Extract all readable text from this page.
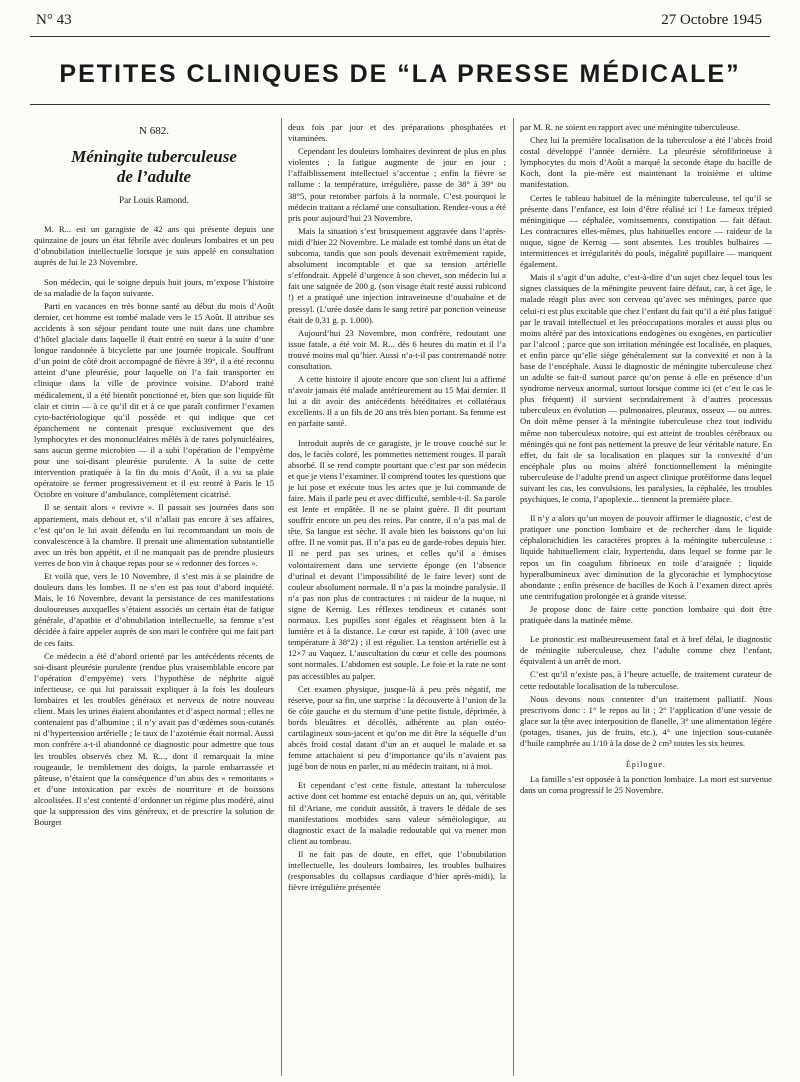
N° 43	27 Octobre 1945
PETITES CLINIQUES DE “LA PRESSE MÉDICALE”
N 682.
Méningite tuberculeuse
de l’adulte
Par Louis Ramond.

M. R... est un garagiste de 42 ans qui présente depuis une quinzaine de jours un état fébrile avec douleurs lombaires et un peu d’obnubilation intellectuelle lorsque je suis appelé en consultation auprès de lui le 23 Novembre.

Son médecin, qui le soigne depuis huit jours, m’expose l’histoire de sa maladie de la façon suivante.

Parti en vacances en très bonne santé au début du mois d’Août dernier, cet homme est tombé malade vers le 15 Août. Il attribue ses accidents à son séjour pendant toute une nuit dans une chambre d’hôtel glaciale dans laquelle il était entré en sueur à la suite d’une longue randonnée à bicyclette par une journée tropicale. Souffrant d’un point de côté droit accompagné de fièvre à 39°, il a été reconnu atteint d’une pleurésie, pour laquelle on l’a fait transporter en clinique dans la ville de province voisine. D’abord traité médicalement, il a été bientôt ponctionné et, bien que son liquide fût clair et citrin — à ce qu’il dit et à ce que paraît confirmer l’examen cyto-bactériologique qu’il possède et qui indique que cet épanchement ne contenait presque exclusivement que des lymphocytes et des mononucléaires mêlés à de rares polynucléaires, sans aucun germe microbien — il a subi l’opération de l’empyème pour une soi-disant pleurésie purulente. A la suite de cette intervention pratiquée à la fin du mois d’Août, il a vu sa plaie opératoire se fermer progressivement et il est rentré à Paris le 15 Octobre en voiture d’ambulance, complètement cicatrisé.

Il se sentait alors « revivre ». Il passait ses journées dans son appartement, mais debout et, s’il n’allait pas encore à ses affaires, c’est qu’on le lui avait défendu en lui recommandant un mois de convalescence à la chambre. Il prenait une alimentation substantielle avec un très bon appétit, et il ne manquait pas de prendre plusieurs verres de bon vin à chaque repas pour se « redonner des forces ».

Et voilà que, vers le 10 Novembre, il s’est mis à se plaindre de douleurs dans les lombes. Il ne s’en est pas tout d’abord inquiété. Mais, le 16 Novembre, devant la persistance de ces manifestations douloureuses auxquelles s’étaient associés un certain état de fatigue générale, d’apathie et d’obnubilation intellectuelle, sa femme s’est décidée à faire appeler auprès de son mari le confrère qui me fait part de ces faits.

Ce médecin a été d’abord orienté par les antécédents récents de soi-disant pleurésie purulente (rendue plus vraisemblable encore par l’opération d’empyème) vers l’hypothèse de néphrite aiguë infectieuse, ce qui lui paraissait expliquer à la fois les douleurs lombaires et les troubles généraux et nerveux de notre nouveau client. Mais les urines étaient abondantes et d’aspect normal ; elles ne contenaient pas d’albumine ; il n’y avait pas d’œdèmes sous-cutanés ni d’hypertension artérielle ; le taux de l’azotémie était normal. Aussi mon confrère a-t-il abandonné ce diagnostic pour admettre que tous les troubles observés chez M. R..., dont il remarquait la mine rougeaude, le tremblement des doigts, la parole embarrassée et pâteuse, n’étaient que la conséquence d’un abus des « remontants » et d’une intoxication par excès de nourriture et de boissons alcoolisées. Il s’est contenté d’ordonner un régime plus modéré, ainsi que la suppression des vins généreux, et de prescrire la solution de Bourget

deux fois par jour et des préparations phosphatées et vitaminées.

Cependant les douleurs lombaires devinrent de plus en plus violentes ; la fatigue augmente de jour en jour ; l’affaiblissement intellectuel s’accentue ; enfin la fièvre se rallume : la température, irrégulière, passe de 38° à 39° ou 38°5, pour retomber parfois à la normale. C’est pourquoi le médecin traitant a réclamé une consultation. Rendez-vous a été pris pour aujourd’hui 23 Novembre.

Mais la situation s’est brusquement aggravée dans l’après-midi d’hier 22 Novembre. Le malade est tombé dans un état de subcoma, tandis que son pouls devenait extrêmement rapide, absolument incomptable et que sa tension artérielle s’effondrait. Appelé d’urgence à son chevet, son médecin lui a fait une saignée de 200 g. (son visage était resté aussi rubicond !) et a pratiqué une injection intraveineuse d’ouabaïne et de pressyl. (L’urée dosée dans le sang retiré par ponction veineuse était de 0,31 g. p. 1.000).

Aujourd’hui 23 Novembre, mon confrère, redoutant une issue fatale, a été voir M. R... dès 6 heures du matin et il l’a trouvé moins mal qu’hier. Aussi n’a-t-il pas contremandé notre consultation.

A cette histoire il ajoute encore que son client lui a affirmé n’avoir jamais été malade antérieurement au 15 Mai dernier. Il lui a dit avoir des antécédents héréditaires et collatéraux excellents. Il a un fils de 20 ans très bien portant. Sa femme est en parfaite santé.

Introduit auprès de ce garagiste, je le trouve couché sur le dos, le faciès coloré, les pommettes nettement rouges. Il paraît absorbé. Il se rend compte pourtant que c’est par son médecin et que je viens l’examiner. Il comprend toutes les questions que je lui pose et exécute tous les actes que je lui commande de faire. Mais il parle peu et avec difficulté, semble-t-il. Sa parole est lente et empâtée. Il ne se plaint guère. Il dit pourtant souffrir encore un peu des reins. Par contre, il n’a pas mal de tête. Sa langue est sèche. Il avale bien les boissons qu’on lui offre. Il ne vomit pas. Il n’a pas eu de garde-robes depuis hier. Il ne perd pas ses urines, et celles qu’il a émises volontairement dans une serviette éponge (en l’absence d’urinal et devant l’impossibilité de le faire lever) sont de couleur absolument normale. Il n’a pas la moindre paralysie. Il n’a pas non plus de contractures : ni raideur de la nuque, ni signe de Kernig. Les réflexes tendineux et cutanés sont normaux. Les pupilles sont égales et réagissent bien à la lumière et à la distance. Le cœur est rapide, à 100 (avec une température à 38°2) ; il est régulier. La tension artérielle est à 12×7 au Vaquez. L’auscultation du cœur et celle des poumons sont normales. L’abdomen est souple. Le foie et la rate ne sont pas accessibles au palper.

Cet examen physique, jusque-là à peu près négatif, me réserve, pour sa fin, une surprise : la découverte à l’union de la 6e côte gauche et du sternum d’une petite fistule, déprimée, à bords bleuâtres et décollés, adhérente au plan ostéo-cartilagineux sous-jacent et qu’on me dit être la séquelle d’un abcès froid costal datant d’un an et auquel le malade et sa femme attachaient si peu d’importance qu’ils n’avaient pas jugé bon de nous en parler, ni au médecin traitant, ni à moi.

Et cependant c’est cette fistule, attestant la tuberculose active dont cet homme est entaché depuis un an, qui, véritable fil d’Ariane, me conduit aussitôt, à travers le dédale de ses manifestations morbides sans valeur séméiologique, au diagnostic exact de la maladie redoutable qui va mener mon client au tombeau.

Il ne fait pas de doute, en effet, que l’obnubilation intellectuelle, les douleurs lombaires, les troubles bulbaires (responsables du collapsus cardiaque d’hier après-midi), la fièvre irrégulière présentée

par M. R. ne soient en rapport avec une méningite tuberculeuse.

Chez lui la première localisation de la tuberculose a été l’abcès froid costal développé l’année dernière. La pleurésie sérofibrineuse à lymphocytes du mois d’Août a marqué la seconde étape du bacille de Koch, dont la pie-mère est maintenant la troisième et ultime manifestation.

Certes le tableau habituel de la méningite tuberculeuse, tel qu’il se présente dans l’enfance, est loin d’être réalisé ici ! Le fameux trépied méningitique — céphalée, vomissements, constipation — fait défaut. Les contractures elles-mêmes, plus habituelles encore — raideur de la nuque, signe de Kernig — sont absentes. Les troubles bulbaires — intermittences et irrégularités du pouls, inégalité pupillaire — manquent également.

Mais il s’agit d’un adulte, c’est-à-dire d’un sujet chez lequel tous les signes classiques de la méningite peuvent faire défaut, car, à cet âge, le malade réagit plus avec son cerveau qu’avec ses méninges, parce que celui-ci est plus excitable que chez l’enfant du fait qu’il a été plus fatigué par le travail intellectuel et les préoccupations morales et aussi plus ou moins altéré par des intoxications endogènes ou exogènes, en particulier par l’alcool ; parce que son irritation méningée est localisée, en plaques, et enfin parce qu’elle siège généralement sur la convexité et non à la base de l’encéphale. Aussi le diagnostic de méningite tuberculeuse chez un adulte se fait-il surtout parce qu’on pense à elle en présence d’un syndrome nerveux anormal, surtout lorsque comme ici (et c’est le cas le plus fréquent) il survient secondairement à d’autres processus tuberculeux en évolution — pulmonaires, pleuraux, osseux — ou autres. On doit même penser à la méningite tuberculeuse chez tout individu même non tuberculeux notoire, qui est atteint de troubles cérébraux ou méningés qui ne font pas nettement la preuve de leur véritable nature. En effet, du fait de sa localisation en plaques sur la convexité d’un encéphale plus ou moins altéré fonctionnellement la méningite tuberculeuse de l’adulte prend un aspect clinique protéiforme dans lequel suivant les cas, les convulsions, les paralysies, la céphalée, les troubles psychiques, le coma, l’apoplexie... tiennent la première place.

Il n’y a alors qu’un moyen de pouvoir affirmer le diagnostic, c’est de pratiquer une ponction lombaire et de rechercher dans le liquide céphalorachidien les caractères propres à la méningite tuberculeuse : liquide habituellement clair, hypertendu, dans lequel se forme par le repos un fin coagulum fibrineux en toile d’araignée ; liquide hyperalbumineux avec diminution de la glycorachie et lymphocytose abondante ; enfin présence de bacilles de Koch à l’examen direct après une centrifugation prolongée et à grande vitesse.

Je propose donc de faire cette ponction lombaire qui doit être pratiquée dans la matinée même.

Le pronostic est malheureusement fatal et à bref délai, le diagnostic de méningite tuberculeuse, chez l’adulte comme chez l’enfant, équivalent à un arrêt de mort.

C’est qu’il n’existe pas, à l’heure actuelle, de traitement curateur de cette redoutable localisation de la tuberculose.

Nous devons nous contenter d’un traitement palliatif. Nous prescrivons donc : 1° le repos au lit ; 2° l’application d’une vessie de glace sur la tête avec interposition de flanelle, 3° une alimentation légère (potages, tisanes, jus de fruits, etc.), 4° une injection sous-cutanée d’huile camphrée au 1/10 à la dose de 2 cm³ toutes les six heures.

Épilogue.

La famille s’est opposée à la ponction lombaire. La mort est survenue dans un coma progressif le 25 Novembre.
